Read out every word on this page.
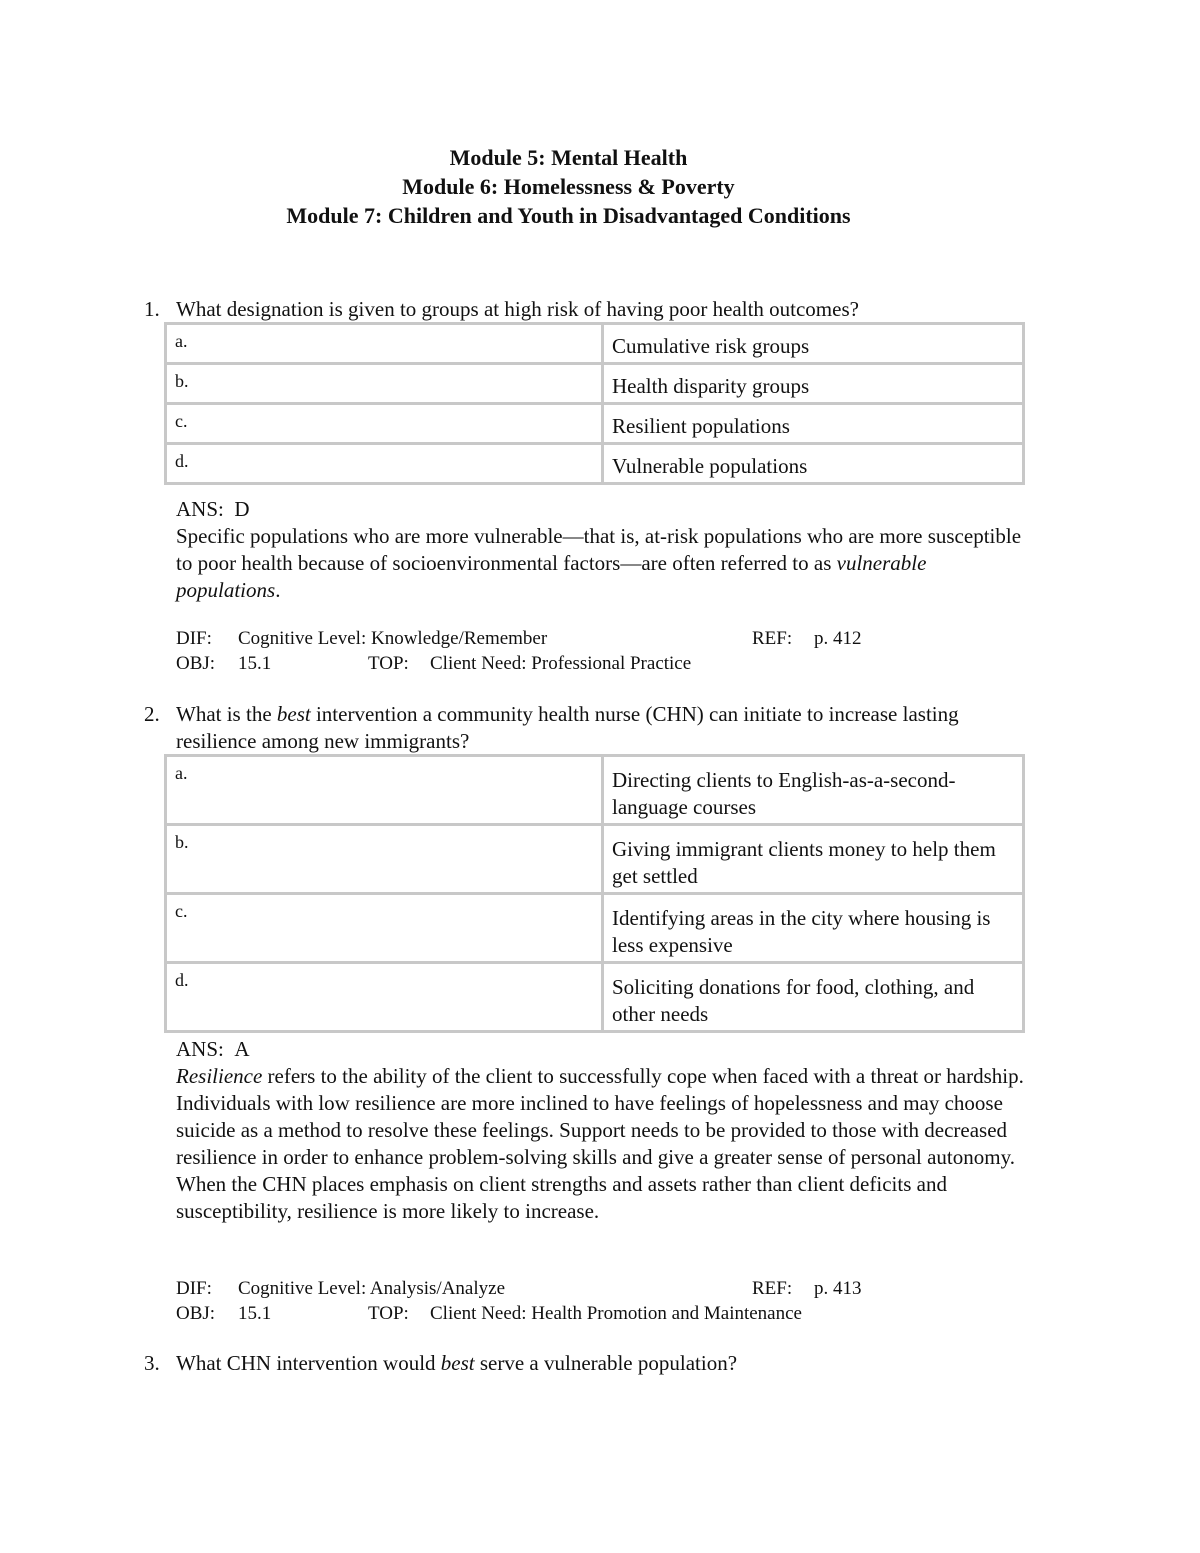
Module 5: Mental Health
Module 6: Homelessness & Poverty
Module 7: Children and Youth in Disadvantaged Conditions
1. What designation is given to groups at high risk of having poor health outcomes?
a.	Cumulative risk groups
b.	Health disparity groups
c.	Resilient populations
d.	Vulnerable populations
ANS: D
Specific populations who are more vulnerable—that is, at-risk populations who are more susceptible to poor health because of socioenvironmental factors—are often referred to as vulnerable populations.
DIF: Cognitive Level: Knowledge/Remember	REF: p. 412
OBJ: 15.1	TOP: Client Need: Professional Practice
2. What is the best intervention a community health nurse (CHN) can initiate to increase lasting resilience among new immigrants?
a.	Directing clients to English-as-a-second-language courses
b.	Giving immigrant clients money to help them get settled
c.	Identifying areas in the city where housing is less expensive
d.	Soliciting donations for food, clothing, and other needs
ANS: A
Resilience refers to the ability of the client to successfully cope when faced with a threat or hardship. Individuals with low resilience are more inclined to have feelings of hopelessness and may choose suicide as a method to resolve these feelings. Support needs to be provided to those with decreased resilience in order to enhance problem-solving skills and give a greater sense of personal autonomy. When the CHN places emphasis on client strengths and assets rather than client deficits and susceptibility, resilience is more likely to increase.
DIF: Cognitive Level: Analysis/Analyze	REF: p. 413
OBJ: 15.1	TOP: Client Need: Health Promotion and Maintenance
3. What CHN intervention would best serve a vulnerable population?
